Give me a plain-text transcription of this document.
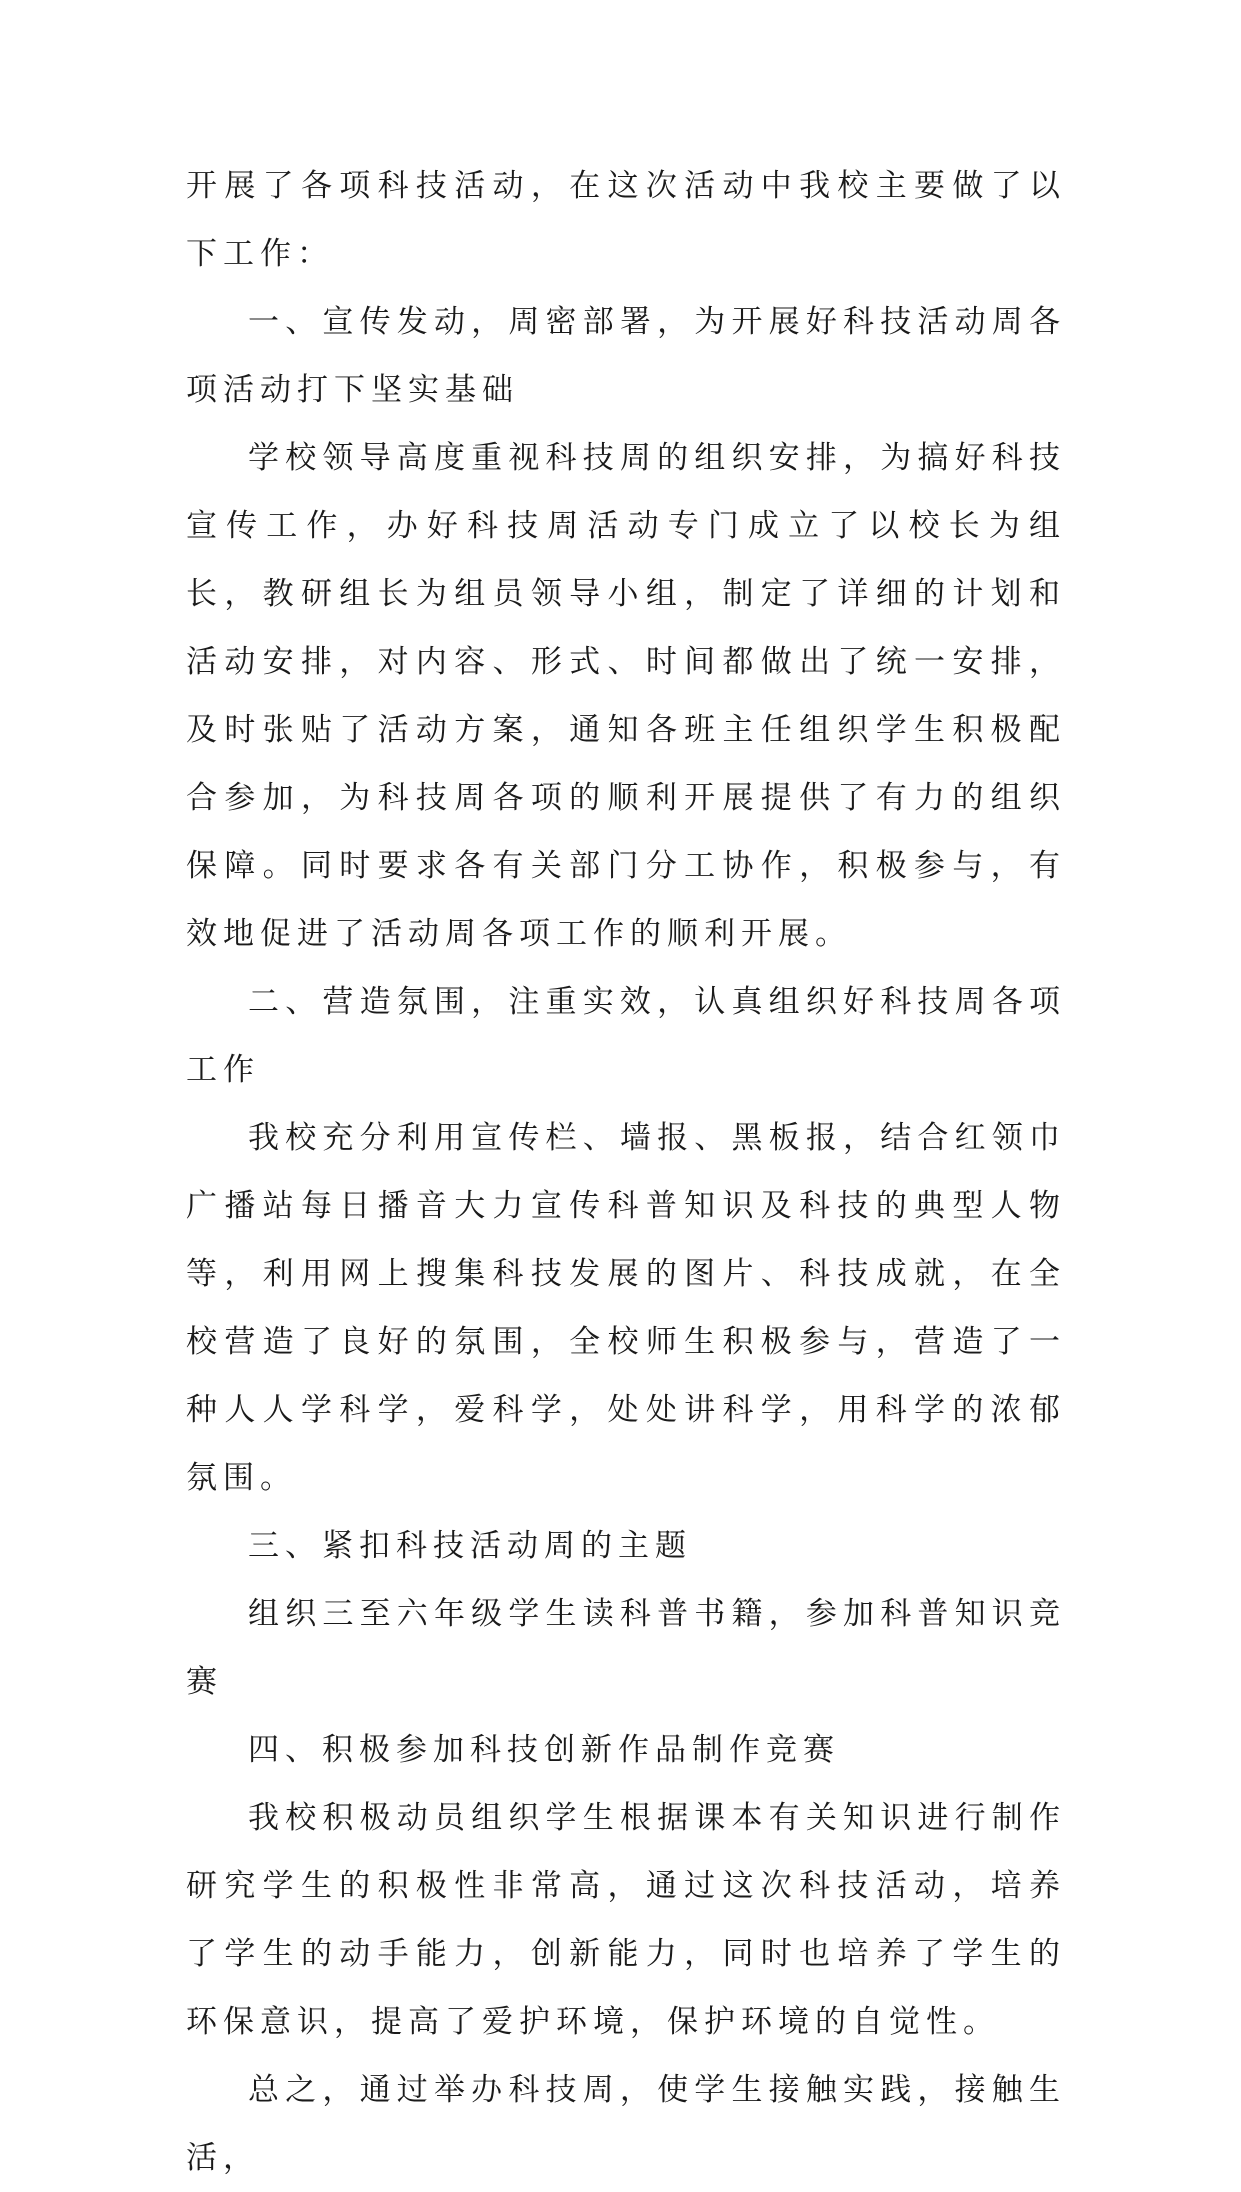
开展了各项科技活动，在这次活动中我校主要做了以下工作：

一、宣传发动，周密部署，为开展好科技活动周各项活动打下坚实基础

学校领导高度重视科技周的组织安排，为搞好科技宣传工作，办好科技周活动专门成立了以校长为组长，教研组长为组员领导小组，制定了详细的计划和活动安排，对内容、形式、时间都做出了统一安排，及时张贴了活动方案，通知各班主任组织学生积极配合参加，为科技周各项的顺利开展提供了有力的组织保障。同时要求各有关部门分工协作，积极参与，有效地促进了活动周各项工作的顺利开展。

二、营造氛围，注重实效，认真组织好科技周各项工作

我校充分利用宣传栏、墙报、黑板报，结合红领巾广播站每日播音大力宣传科普知识及科技的典型人物等，利用网上搜集科技发展的图片、科技成就，在全校营造了良好的氛围，全校师生积极参与，营造了一种人人学科学，爱科学，处处讲科学，用科学的浓郁氛围。

三、紧扣科技活动周的主题

组织三至六年级学生读科普书籍，参加科普知识竞赛

四、积极参加科技创新作品制作竞赛

我校积极动员组织学生根据课本有关知识进行制作研究学生的积极性非常高，通过这次科技活动，培养了学生的动手能力，创新能力，同时也培养了学生的环保意识，提高了爱护环境，保护环境的自觉性。

总之，通过举办科技周，使学生接触实践，接触生活，
